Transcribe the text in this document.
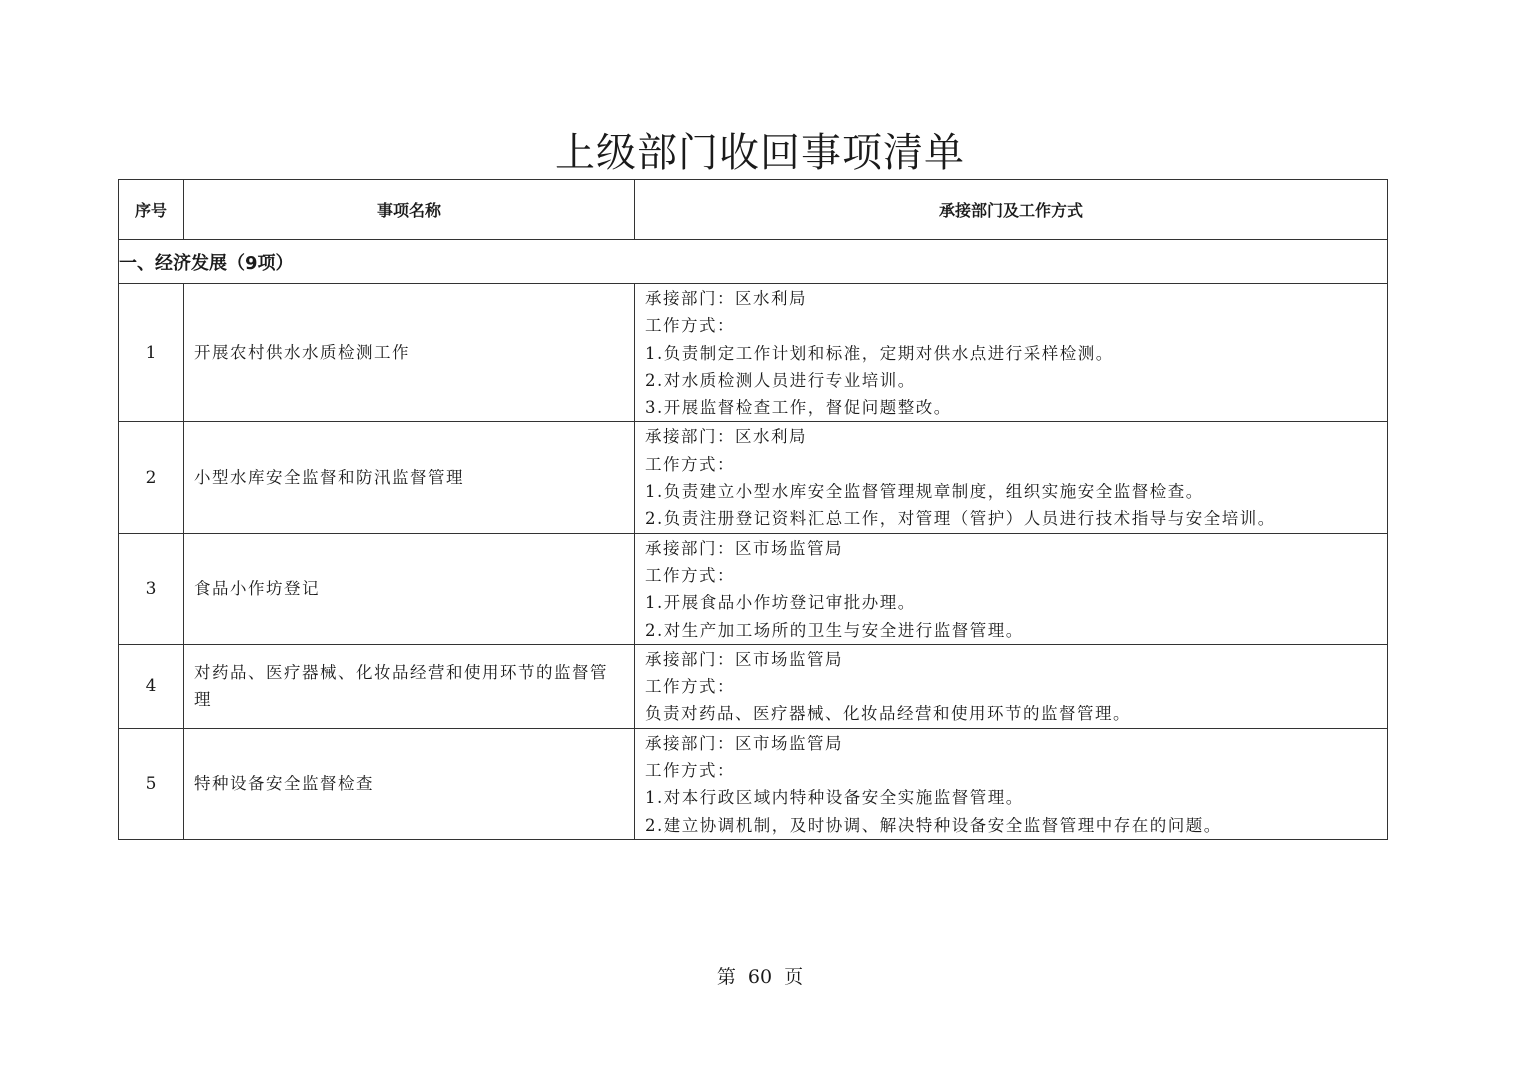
上级部门收回事项清单
序号	事项名称	承接部门及工作方式
一、经济发展（9项）		
1	开展农村供水水质检测工作	承接部门：区水利局
工作方式：
1.负责制定工作计划和标准，定期对供水点进行采样检测。
2.对水质检测人员进行专业培训。
3.开展监督检查工作，督促问题整改。

2	小型水库安全监督和防汛监督管理	承接部门：区水利局
工作方式：
1.负责建立小型水库安全监督管理规章制度，组织实施安全监督检查。
2.负责注册登记资料汇总工作，对管理（管护）人员进行技术指导与安全培训。

3	食品小作坊登记	承接部门：区市场监管局
工作方式：
1.开展食品小作坊登记审批办理。
2.对生产加工场所的卫生与安全进行监督管理。

4	对药品、医疗器械、化妆品经营和使用环节的监督管理	承接部门：区市场监管局
工作方式：
负责对药品、医疗器械、化妆品经营和使用环节的监督管理。

5	特种设备安全监督检查	承接部门：区市场监管局
工作方式：
1.对本行政区域内特种设备安全实施监督管理。
2.建立协调机制，及时协调、解决特种设备安全监督管理中存在的问题。
第 60 页
